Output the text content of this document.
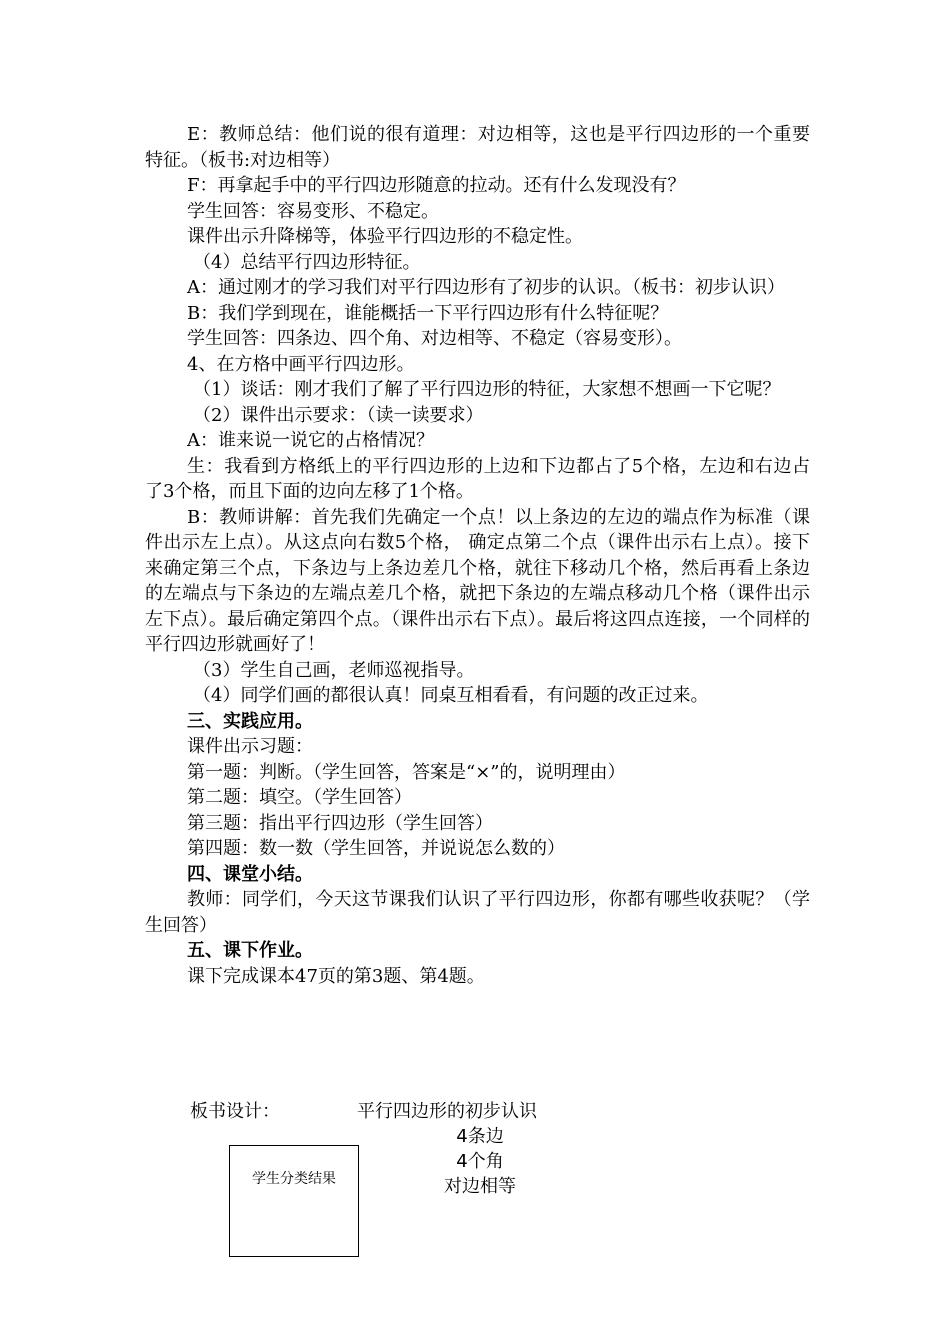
E：教师总结：他们说的很有道理：对边相等，这也是平行四边形的一个重要特征。（板书:对边相等）

F：再拿起手中的平行四边形随意的拉动。还有什么发现没有？

学生回答：容易变形、不稳定。

课件出示升降梯等，体验平行四边形的不稳定性。

（4）总结平行四边形特征。

A：通过刚才的学习我们对平行四边形有了初步的认识。（板书：初步认识）

B：我们学到现在，谁能概括一下平行四边形有什么特征呢？

学生回答：四条边、四个角、对边相等、不稳定（容易变形）。

4、在方格中画平行四边形。

（1）谈话：刚才我们了解了平行四边形的特征，大家想不想画一下它呢？

（2）课件出示要求：（读一读要求）

A：谁来说一说它的占格情况？

生：我看到方格纸上的平行四边形的上边和下边都占了5个格，左边和右边占了3个格，而且下面的边向左移了1个格。

B：教师讲解：首先我们先确定一个点！以上条边的左边的端点作为标准（课件出示左上点）。从这点向右数5个格， 确定点第二个点（课件出示右上点）。接下来确定第三个点，下条边与上条边差几个格，就往下移动几个格，然后再看上条边的左端点与下条边的左端点差几个格，就把下条边的左端点移动几个格（课件出示左下点）。最后确定第四个点。（课件出示右下点）。最后将这四点连接，一个同样的平行四边形就画好了！

（3）学生自己画，老师巡视指导。

（4）同学们画的都很认真！同桌互相看看，有问题的改正过来。

三、实践应用。

课件出示习题：

第一题：判断。（学生回答，答案是“×”的，说明理由）

第二题：填空。（学生回答）

第三题：指出平行四边形（学生回答）

第四题：数一数（学生回答，并说说怎么数的）

四、课堂小结。

教师：同学们，今天这节课我们认识了平行四边形，你都有哪些收获呢？（学生回答）

五、课下作业。

课下完成课本47页的第3题、第4题。

板书设计：	平行四边形的初步认识
4条边
4个角
对边相等
学生分类结果
